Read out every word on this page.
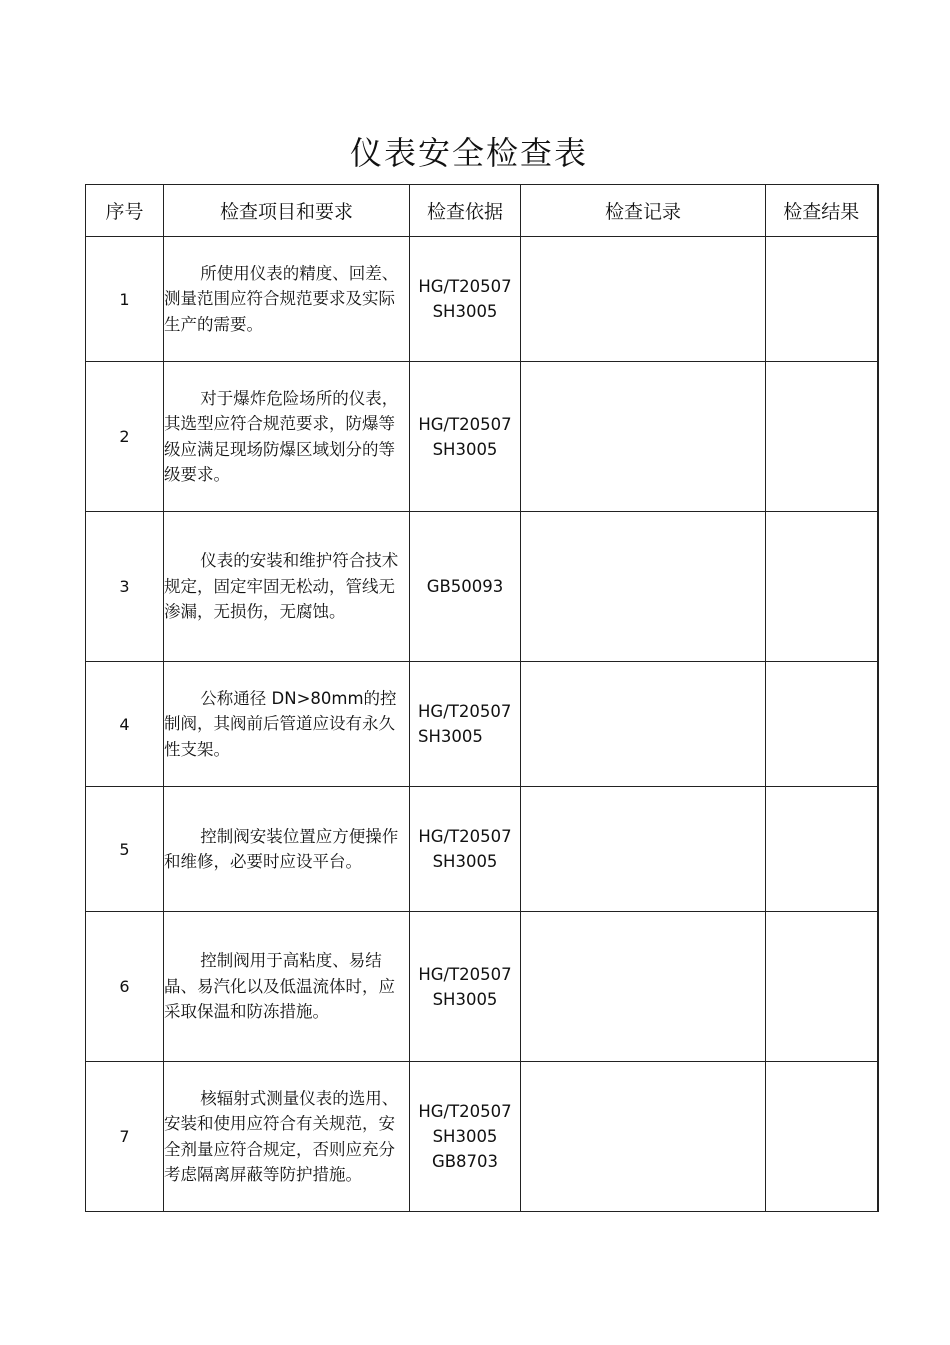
仪表安全检查表
序号	检查项目和要求	检查依据	检查记录	检查结果
1	所使用仪表的精度、回差、测量范围应符合规范要求及实际生产的需要。	HG/T20507
SH3005		
2	对于爆炸危险场所的仪表，其选型应符合规范要求，防爆等级应满足现场防爆区域划分的等级要求。	HG/T20507
SH3005		
3	仪表的安装和维护符合技术规定，固定牢固无松动，管线无渗漏，无损伤，无腐蚀。	GB50093		
4	公称通径 DN>80mm的控制阀，其阀前后管道应设有永久性支架。	HG/T20507
SH3005		
5	控制阀安装位置应方便操作和维修，必要时应设平台。	HG/T20507
SH3005		
6	控制阀用于高粘度、易结晶、易汽化以及低温流体时，应采取保温和防冻措施。	HG/T20507
SH3005		
7	核辐射式测量仪表的选用、安装和使用应符合有关规范，安全剂量应符合规定，否则应充分考虑隔离屏蔽等防护措施。	HG/T20507
SH3005
GB8703		
